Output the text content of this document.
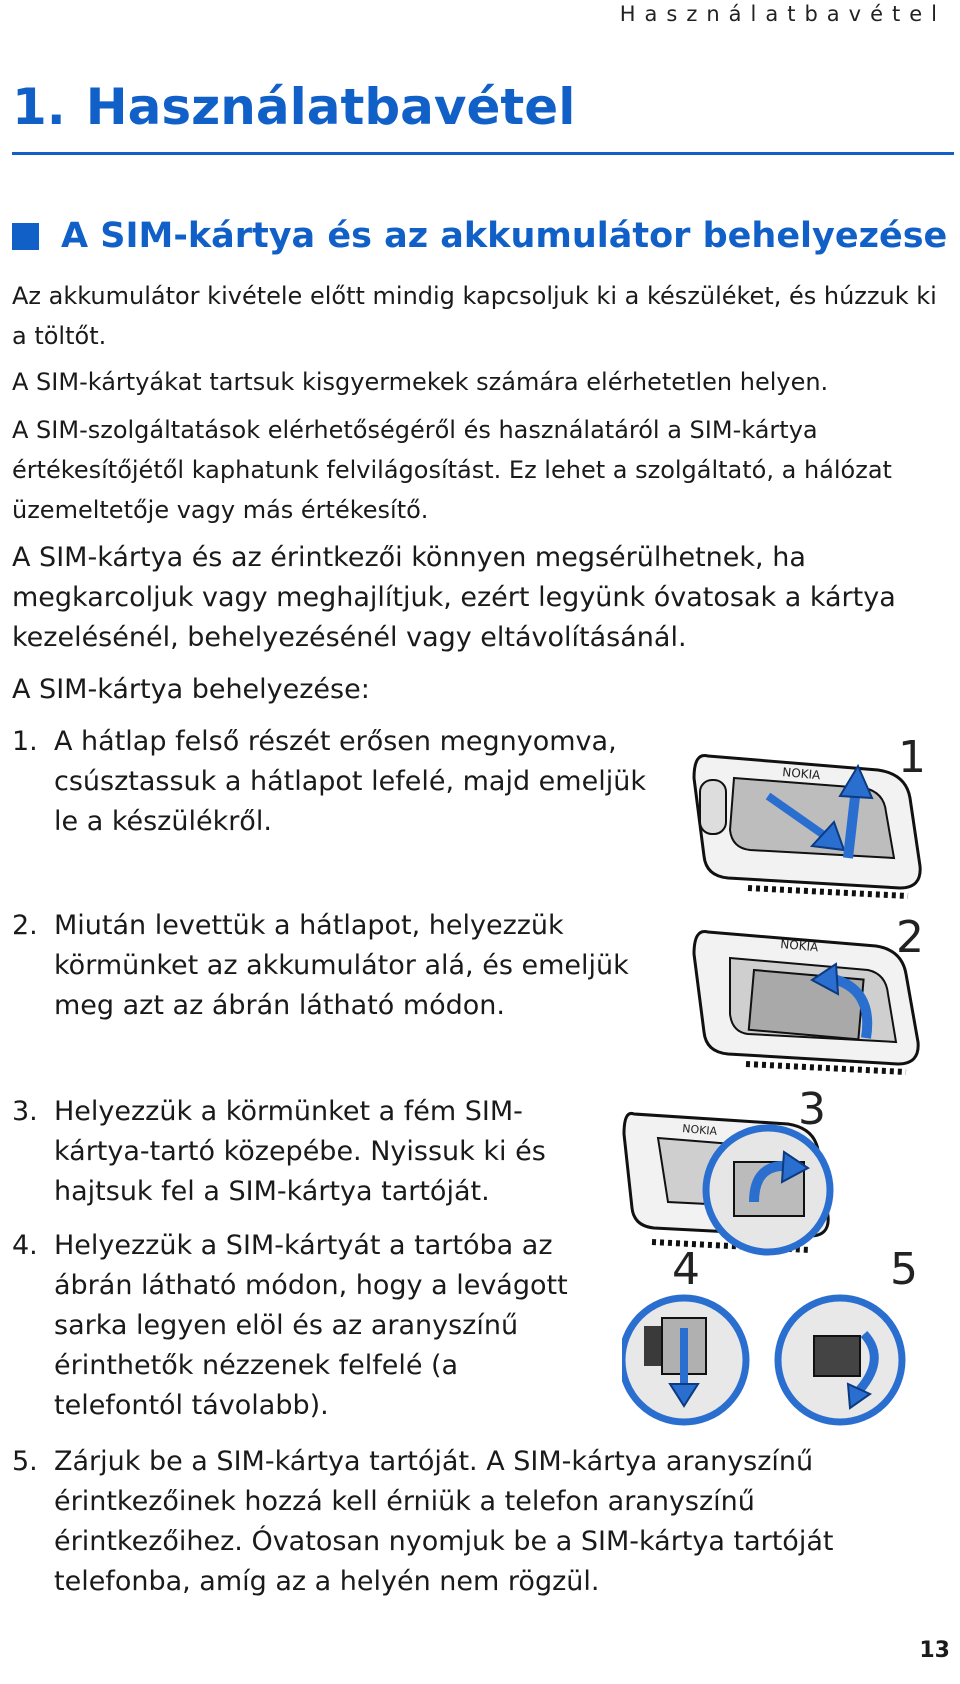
Használatbavétel
1. Használatbavétel
A SIM-kártya és az akkumulátor behelyezése

Az akkumulátor kivétele előtt mindig kapcsoljuk ki a készüléket, és húzzuk ki a töltőt.

A SIM-kártyákat tartsuk kisgyermekek számára elérhetetlen helyen.

A SIM-szolgáltatások elérhetőségéről és használatáról a SIM-kártya értékesítőjétől kaphatunk felvilágosítást. Ez lehet a szolgáltató, a hálózat üzemeltetője vagy más értékesítő.

A SIM-kártya és az érintkezői könnyen megsérülhetnek, ha megkarcoljuk vagy meghajlítjuk, ezért legyünk óvatosak a kártya kezelésénél, behelyezésénél vagy eltávolításánál.

A SIM-kártya behelyezése:

1. A hátlap felső részét erősen megnyomva, csúsztassuk a hátlapot lefelé, majd emeljük le a készülékről.
2. Miután levettük a hátlapot, helyezzük körmünket az akkumulátor alá, és emeljük meg azt az ábrán látható módon.
3. Helyezzük a körmünket a fém SIM-kártya-tartó közepébe. Nyissuk ki és hajtsuk fel a SIM-kártya tartóját.
4. Helyezzük a SIM-kártyát a tartóba az ábrán látható módon, hogy a levágott sarka legyen elöl és az aranyszínű érinthetők nézzenek felfelé (a telefontól távolabb).
5. Zárjuk be a SIM-kártya tartóját. A SIM-kártya aranyszínű érintkezőinek hozzá kell érniük a telefon aranyszínű érintkezőihez. Óvatosan nyomjuk be a SIM-kártya tartóját telefonba, amíg az a helyén nem rögzül.
NOKIA 1
NOKIA 2
NOKIA 3
4	5
13
